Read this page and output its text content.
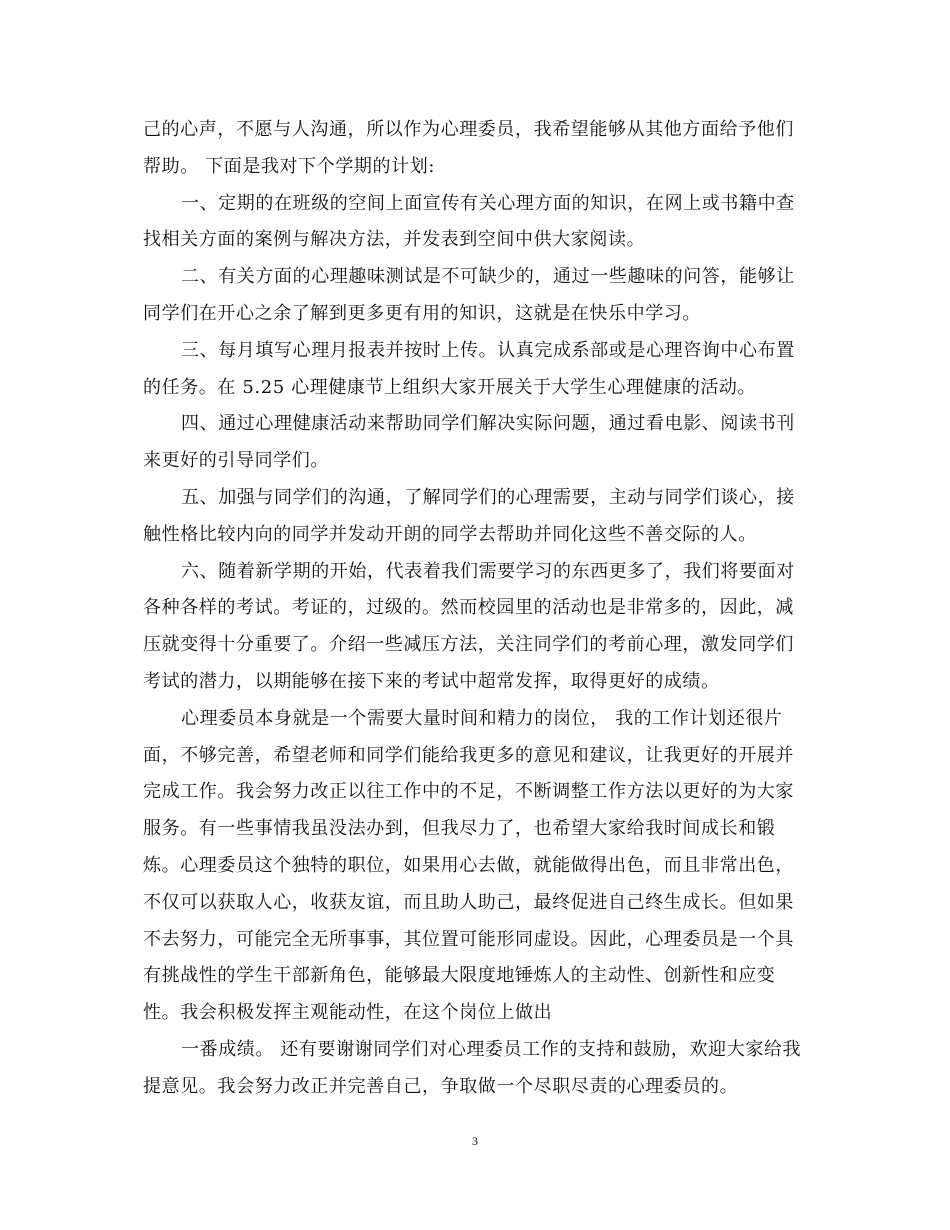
己的心声，不愿与人沟通，所以作为心理委员，我希望能够从其他方面给予他们
帮助。 下面是我对下个学期的计划:
一、定期的在班级的空间上面宣传有关心理方面的知识，在网上或书籍中查
找相关方面的案例与解决方法，并发表到空间中供大家阅读。
二、有关方面的心理趣味测试是不可缺少的，通过一些趣味的问答，能够让
同学们在开心之余了解到更多更有用的知识，这就是在快乐中学习。
三、每月填写心理月报表并按时上传。认真完成系部或是心理咨询中心布置
的任务。在 5.25 心理健康节上组织大家开展关于大学生心理健康的活动。
四、通过心理健康活动来帮助同学们解决实际问题，通过看电影、阅读书刊
来更好的引导同学们。
五、加强与同学们的沟通，了解同学们的心理需要，主动与同学们谈心，接
触性格比较内向的同学并发动开朗的同学去帮助并同化这些不善交际的人。
六、随着新学期的开始，代表着我们需要学习的东西更多了，我们将要面对
各种各样的考试。考证的，过级的。然而校园里的活动也是非常多的，因此，减
压就变得十分重要了。介绍一些减压方法，关注同学们的考前心理，激发同学们
考试的潜力，以期能够在接下来的考试中超常发挥，取得更好的成绩。
心理委员本身就是一个需要大量时间和精力的岗位， 我的工作计划还很片
面，不够完善，希望老师和同学们能给我更多的意见和建议，让我更好的开展并
完成工作。我会努力改正以往工作中的不足，不断调整工作方法以更好的为大家
服务。有一些事情我虽没法办到，但我尽力了，也希望大家给我时间成长和锻
炼。心理委员这个独特的职位，如果用心去做，就能做得出色，而且非常出色，
不仅可以获取人心，收获友谊，而且助人助己，最终促进自己终生成长。但如果
不去努力，可能完全无所事事，其位置可能形同虚设。因此，心理委员是一个具
有挑战性的学生干部新角色，能够最大限度地锤炼人的主动性、创新性和应变
性。我会积极发挥主观能动性，在这个岗位上做出
一番成绩。 还有要谢谢同学们对心理委员工作的支持和鼓励，欢迎大家给我
提意见。我会努力改正并完善自己，争取做一个尽职尽责的心理委员的。
3
